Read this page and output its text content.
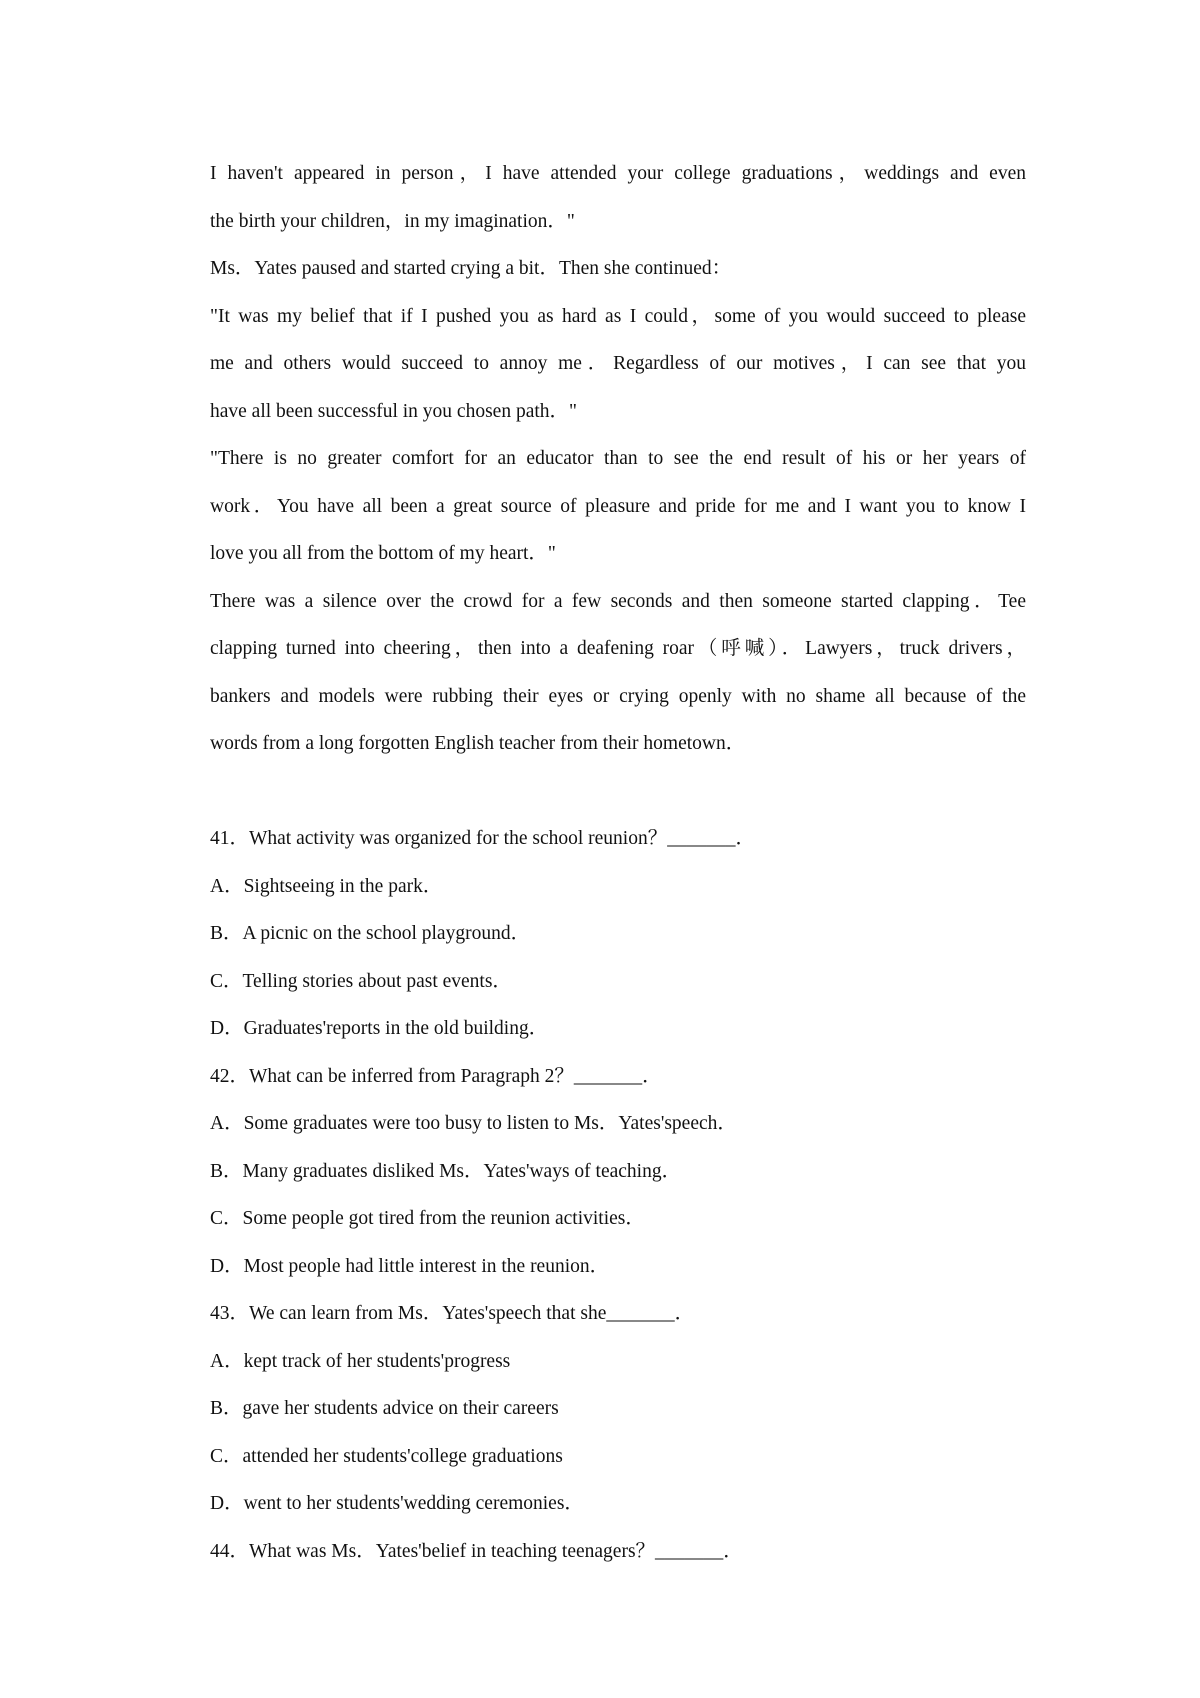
I haven't appeared in person，I have attended your college graduations，weddings and even
the birth your children，in my imagination．"
Ms．Yates paused and started crying a bit．Then she continued：
"It was my belief that if I pushed you as hard as I could，some of you would succeed to please
me and others would succeed to annoy me．Regardless of our motives，I can see that you
have all been successful in you chosen path．"
"There is no greater comfort for an educator than to see the end result of his or her years of
work．You have all been a great source of pleasure and pride for me and I want you to know I
love you all from the bottom of my heart．"
There was a silence over the crowd for a few seconds and then someone started clapping．Tee
clapping turned into cheering，then into a deafening roar（呼喊）．Lawyers，truck drivers，
bankers and models were rubbing their eyes or crying openly with no shame all because of the
words from a long forgotten English teacher from their hometown．
41．What activity was organized for the school reunion？_______．
A．Sightseeing in the park．
B．A picnic on the school playground．
C．Telling stories about past events．
D．Graduates'reports in the old building．
42．What can be inferred from Paragraph 2？_______．
A．Some graduates were too busy to listen to Ms．Yates'speech．
B．Many graduates disliked Ms．Yates'ways of teaching．
C．Some people got tired from the reunion activities．
D．Most people had little interest in the reunion．
43．We can learn from Ms．Yates'speech that she_______．
A．kept track of her students'progress
B．gave her students advice on their careers
C．attended her students'college graduations
D．went to her students'wedding ceremonies．
44．What was Ms．Yates'belief in teaching teenagers？_______．
